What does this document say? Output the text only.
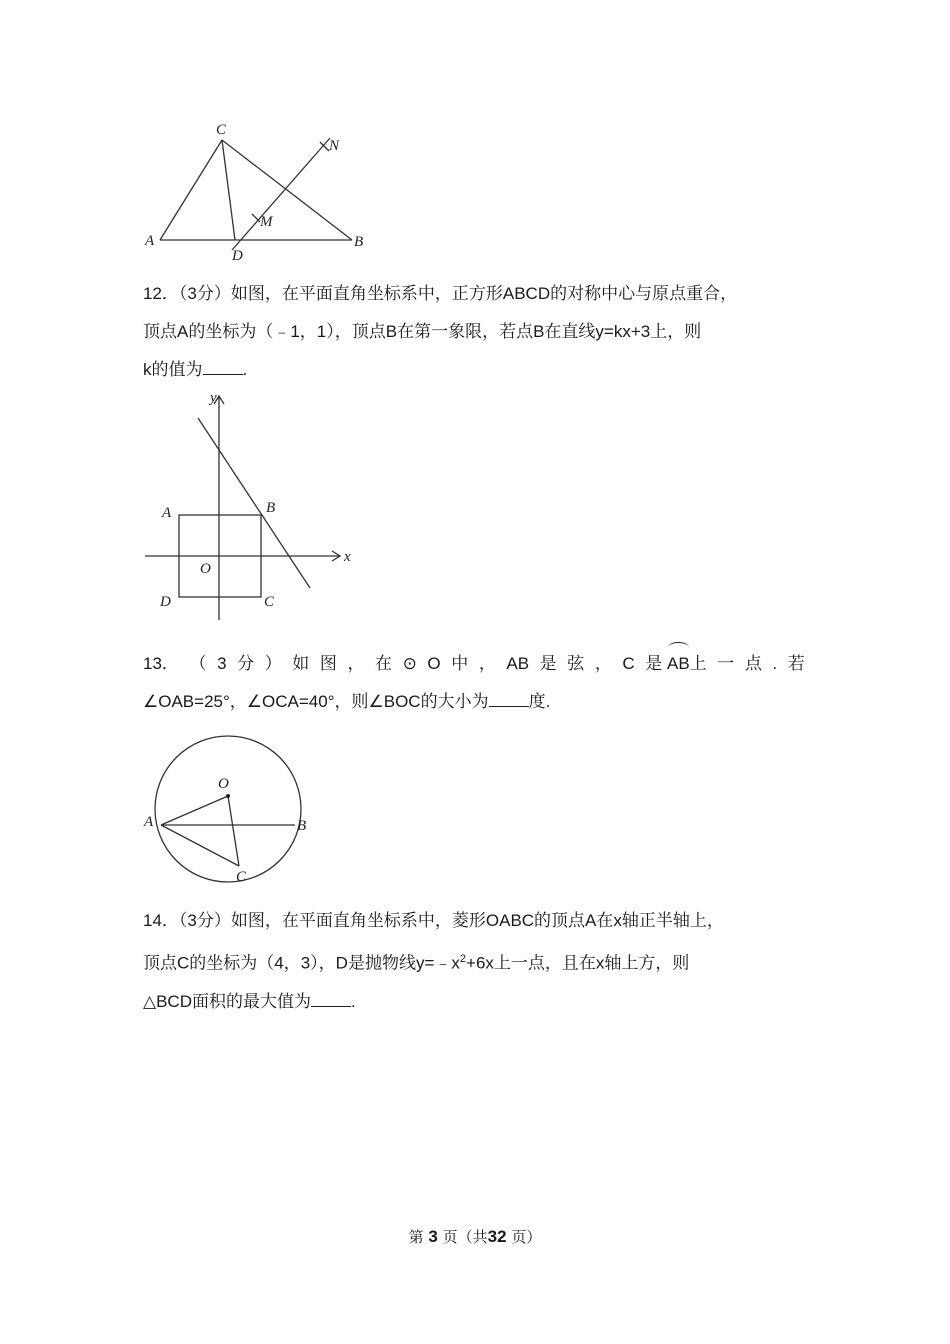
C
N
M
A
D
B
12．（3分）如图，在平面直角坐标系中，正方形ABCD的对称中心与原点重合，
顶点A的坐标为（﹣1，1），顶点B在第一象限，若点B在直线y=kx+3上，则
k的值为 .
y
x
A	B
O
D	C
13． （ 3 分 ） 如 图 ， 在 ⊙ O 中 ， AB 是 弦 ， C 是 AB上 一 点 . 若
∠OAB=25°，∠OCA=40°，则∠BOC的大小为 度.
O
A	B
C
14．（3分）如图，在平面直角坐标系中，菱形OABC的顶点A在x轴正半轴上，
顶点C的坐标为（4，3），D是抛物线$y=﹣x^2+6x$上一点，且在x轴上方，则
△BCD面积的最大值为 .
第 3 页（共32 页）
